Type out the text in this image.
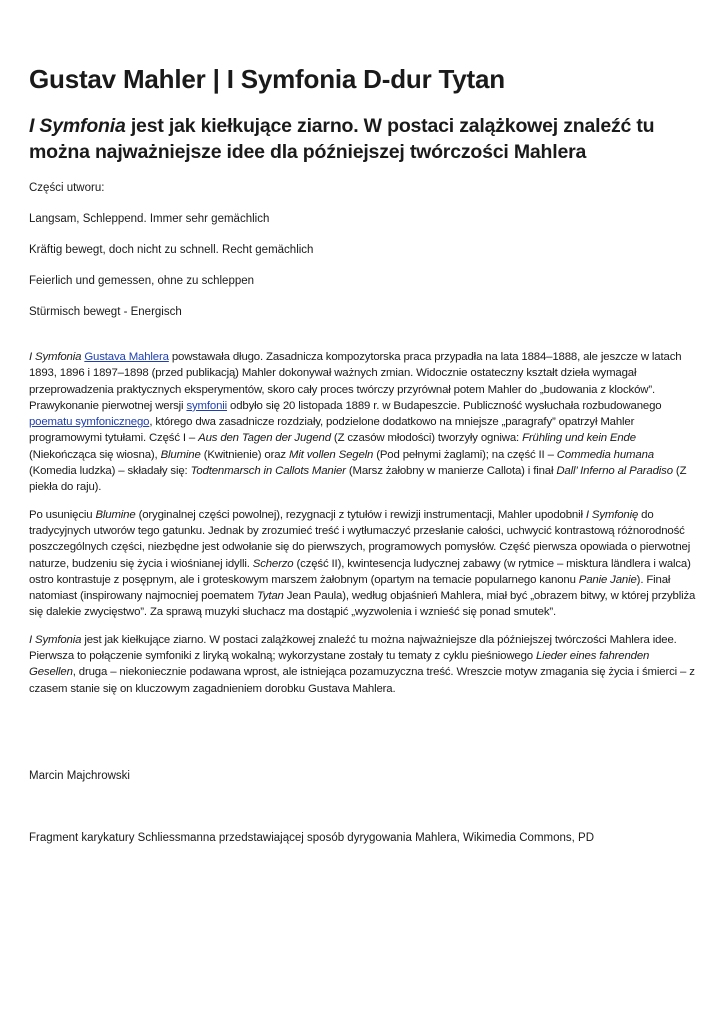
Gustav Mahler | I Symfonia D-dur Tytan
I Symfonia jest jak kiełkujące ziarno. W postaci zalążkowej znaleźć tu można najważniejsze idee dla późniejszej twórczości Mahlera

Części utworu:

Langsam, Schleppend. Immer sehr gemächlich

Kräftig bewegt, doch nicht zu schnell. Recht gemächlich

Feierlich und gemessen, ohne zu schleppen

Stürmisch bewegt - Energisch

I Symfonia Gustava Mahlera powstawała długo. Zasadnicza kompozytorska praca przypadła na lata 1884–1888, ale jeszcze w latach 1893, 1896 i 1897–1898 (przed publikacją) Mahler dokonywał ważnych zmian. Widocznie ostateczny kształt dzieła wymagał przeprowadzenia praktycznych eksperymentów, skoro cały proces twórczy przyrównał potem Mahler do „budowania z klocków”. Prawykonanie pierwotnej wersji symfonii odbyło się 20 listopada 1889 r. w Budapeszcie. Publiczność wysłuchała rozbudowanego poematu symfonicznego, którego dwa zasadnicze rozdziały, podzielone dodatkowo na mniejsze „paragrafy” opatrzył Mahler programowymi tytułami. Część I – Aus den Tagen der Jugend (Z czasów młodości) tworzyły ogniwa: Frühling und kein Ende (Niekończąca się wiosna), Blumine (Kwitnienie) oraz Mit vollen Segeln (Pod pełnymi żaglami); na część II – Commedia humana (Komedia ludzka) – składały się: Todtenmarsch in Callots Manier (Marsz żałobny w manierze Callota) i finał Dall’ Inferno al Paradiso (Z piekła do raju).

Po usunięciu Blumine (oryginalnej części powolnej), rezygnacji z tytułów i rewizji instrumentacji, Mahler upodobnił I Symfonię do tradycyjnych utworów tego gatunku. Jednak by zrozumieć treść i wytłumaczyć przesłanie całości, uchwycić kontrastową różnorodność poszczególnych części, niezbędne jest odwołanie się do pierwszych, programowych pomysłów. Część pierwsza opowiada o pierwotnej naturze, budzeniu się życia i wiośnianej idylli. Scherzo (część II), kwintesencja ludycznej zabawy (w rytmice – misktura ländlera i walca) ostro kontrastuje z posępnym, ale i groteskowym marszem żałobnym (opartym na temacie popularnego kanonu Panie Janie). Finał natomiast (inspirowany najmocniej poematem Tytan Jean Paula), według objaśnień Mahlera, miał być „obrazem bitwy, w której przybliża się dalekie zwycięstwo”. Za sprawą muzyki słuchacz ma dostąpić „wyzwolenia i wznieść się ponad smutek”.

I Symfonia jest jak kiełkujące ziarno. W postaci zalążkowej znaleźć tu można najważniejsze dla późniejszej twórczości Mahlera idee. Pierwsza to połączenie symfoniki z liryką wokalną; wykorzystane zostały tu tematy z cyklu pieśniowego Lieder eines fahrenden Gesellen, druga – niekoniecznie podawana wprost, ale istniejąca pozamuzyczna treść. Wreszcie motyw zmagania się życia i śmierci – z czasem stanie się on kluczowym zagadnieniem dorobku Gustava Mahlera.

Marcin Majchrowski
Fragment karykatury Schliessmanna przedstawiającej sposób dyrygowania Mahlera, Wikimedia Commons, PD
